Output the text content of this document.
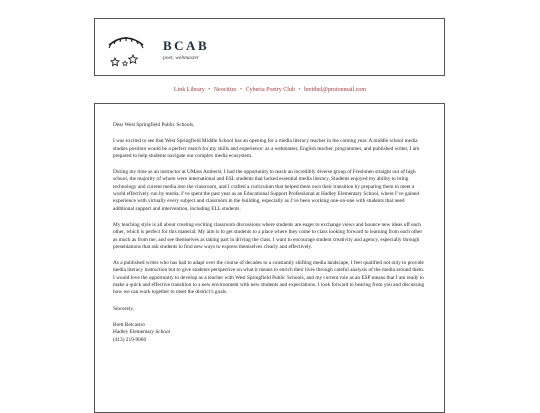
BCAB
poet, webmaster
Link Library • Neocities • Cyberia Poetry Club • brettbel@protonmail.com

Dear West Springfield Public Schools,

I was excited to see that West Springfield Middle School has an opening for a media literacy teacher in the coming year. A middle school media studies position would be a perfect match for my skills and experience: as a webmaster, English teacher, programmer, and published writer, I am prepared to help students navigate our complex media ecosystem.

During my time as an instructor at UMass Amherst, I had the opportunity to teach an incredibly diverse group of Freshmen straight out of high school, the majority of whom were international and ESL students that lacked essential media literacy. Students enjoyed my ability to bring technology and current media into the classroom, and I crafted a curriculum that helped them own their transition by preparing them to meet a world effectively run by media. I’ve spent the past year as an Educational Support Professional at Hadley Elementary School, where I’ve gained experience with virtually every subject and classroom in the building, especially as I’ve been working one-on-one with students that need additional support and intervention, including ELL students.

My teaching style is all about creating exciting classroom discussions where students are eager to exchange views and bounce new ideas off each other, which is perfect for this material. My aim is to get students to a place where they come to class looking forward to learning from each other as much as from me, and see themselves as taking part in driving the class. I want to encourage student creativity and agency, especially through presentations that ask students to find new ways to express themselves clearly and effectively.

As a published writer who has had to adapt over the course of decades to a constantly shifting media landscape, I feel qualified not only to provide media literacy instruction but to give students perspective on what it means to enrich their lives through careful analysis of the media around them. I would love the opportunity to develop as a teacher with West Springfield Public Schools, and my current role as an ESP means that I am ready to make a quick and effective transition to a new environment with new students and expectations. I look forward to hearing from you and discussing how we can work together to meet the district’s goals.

Sincerely,

Brett Belcastro
Hadley Elementary School
(413) 219-9060
